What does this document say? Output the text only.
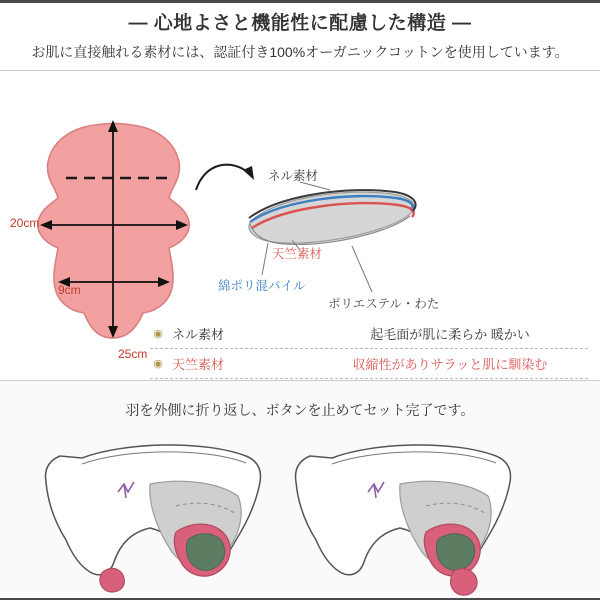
― 心地よさと機能性に配慮した構造 ―
お肌に直接触れる素材には、認証付き100%オーガニックコットンを使用しています。
20cm
9cm
25cm
ネル素材
天竺素材
綿ポリ混パイル
ポリエステル・わた
◉ ネル素材	起毛面が肌に柔らか 暖かい
◉ 天竺素材	収縮性がありサラッと肌に馴染む
羽を外側に折り返し、ボタンを止めてセット完了です。
